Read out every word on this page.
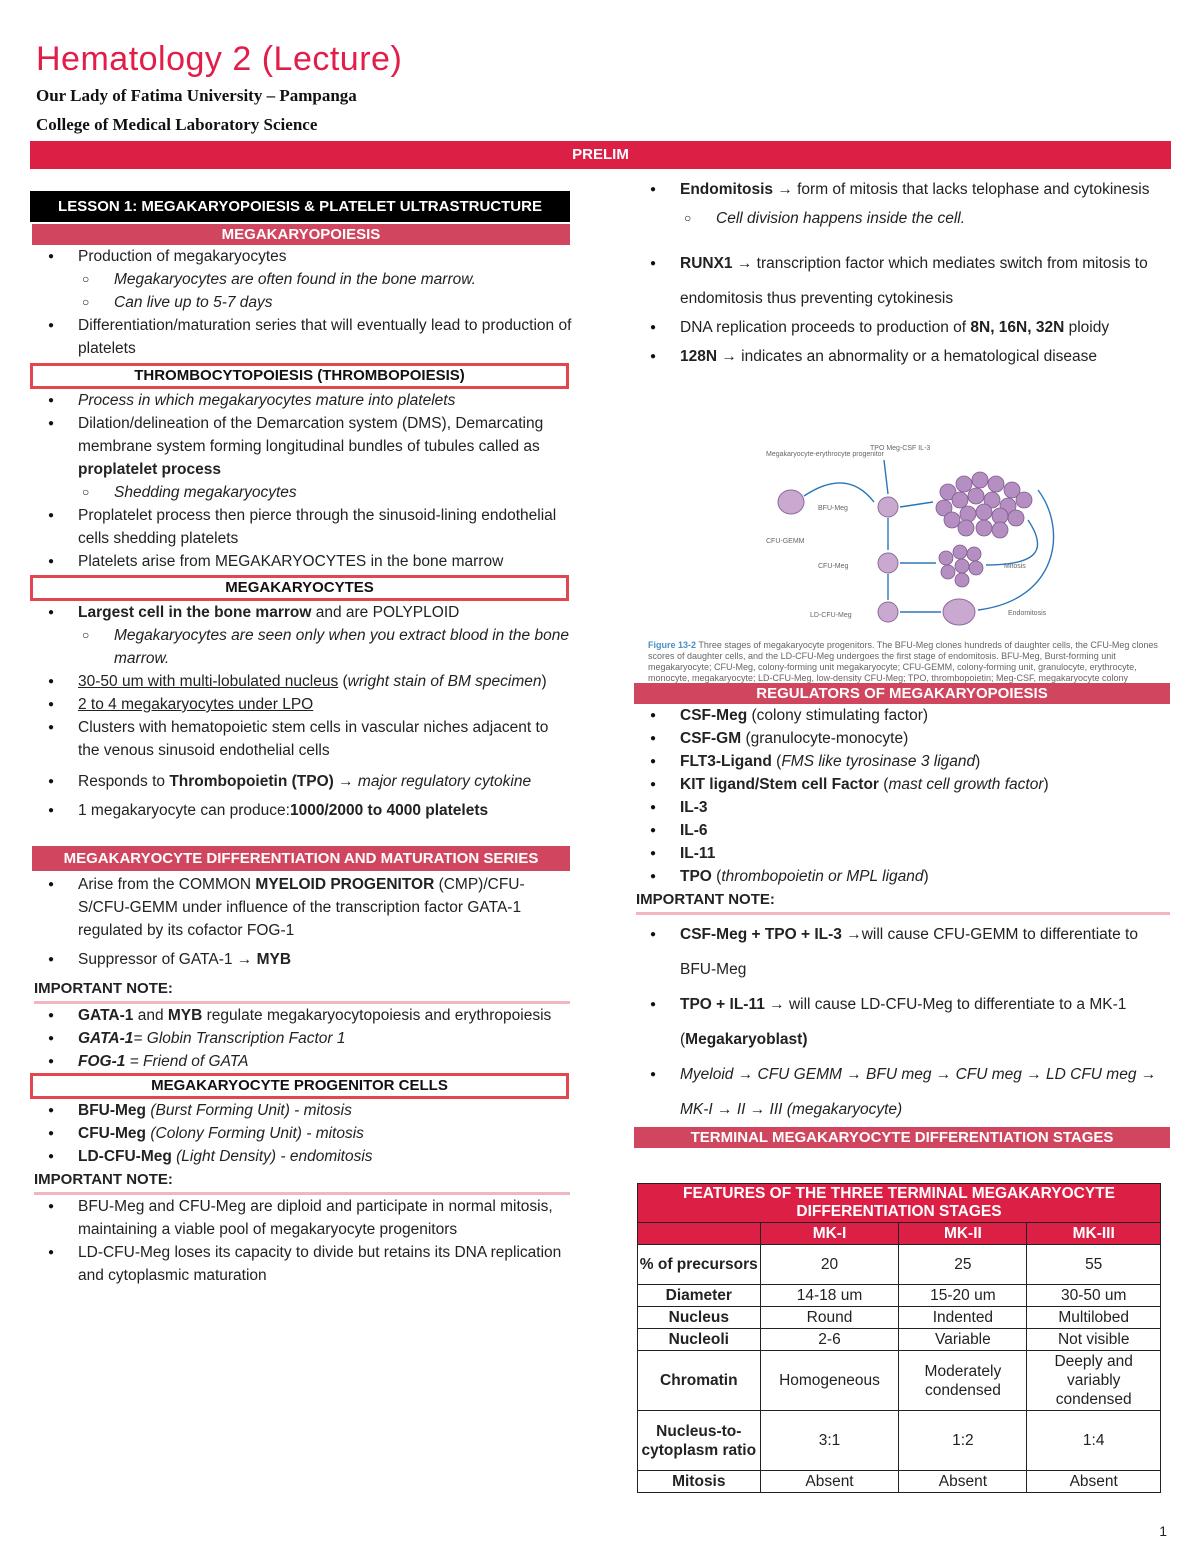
Hematology 2 (Lecture)
Our Lady of Fatima University – Pampanga
College of Medical Laboratory Science
PRELIM
LESSON 1: MEGAKARYOPOIESIS & PLATELET ULTRASTRUCTURE
MEGAKARYOPOIESIS
● Production of megakaryocytes
○ Megakaryocytes are often found in the bone marrow.
○ Can live up to 5-7 days
● Differentiation/maturation series that will eventually lead to production of platelets
THROMBOCYTOPOIESIS (THROMBOPOIESIS)
● Process in which megakaryocytes mature into platelets
● Dilation/delineation of the Demarcation system (DMS), Demarcating membrane system forming longitudinal bundles of tubules called as proplatelet process
○ Shedding megakaryocytes
● Proplatelet process then pierce through the sinusoid-lining endothelial cells shedding platelets
● Platelets arise from MEGAKARYOCYTES in the bone marrow
MEGAKARYOCYTES
● Largest cell in the bone marrow and are POLYPLOID
○ Megakaryocytes are seen only when you extract blood in the bone marrow.
● 30-50 um with multi-lobulated nucleus (wright stain of BM specimen)
● 2 to 4 megakaryocytes under LPO
● Clusters with hematopoietic stem cells in vascular niches adjacent to the venous sinusoid endothelial cells
● Responds to Thrombopoietin (TPO) → major regulatory cytokine
● 1 megakaryocyte can produce:1000/2000 to 4000 platelets
MEGAKARYOCYTE DIFFERENTIATION AND MATURATION SERIES
● Arise from the COMMON MYELOID PROGENITOR (CMP)/CFU-S/CFU-GEMM under influence of the transcription factor GATA-1 regulated by its cofactor FOG-1
● Suppressor of GATA-1 → MYB
IMPORTANT NOTE:
● GATA-1 and MYB regulate megakaryocytopoiesis and erythropoiesis
● GATA-1= Globin Transcription Factor 1
● FOG-1 = Friend of GATA
MEGAKARYOCYTE PROGENITOR CELLS
● BFU-Meg (Burst Forming Unit) - mitosis
● CFU-Meg (Colony Forming Unit) - mitosis
● LD-CFU-Meg (Light Density) - endomitosis
IMPORTANT NOTE:
● BFU-Meg and CFU-Meg are diploid and participate in normal mitosis, maintaining a viable pool of megakaryocyte progenitors
● LD-CFU-Meg loses its capacity to divide but retains its DNA replication and cytoplasmic maturation
● Endomitosis → form of mitosis that lacks telophase and cytokinesis
○ Cell division happens inside the cell.
● RUNX1 → transcription factor which mediates switch from mitosis to endomitosis thus preventing cytokinesis
● DNA replication proceeds to production of 8N, 16N, 32N ploidy
● 128N → indicates an abnormality or a hematological disease
Megakaryocyte-erythrocyte progenitor
TPO Meg-CSF IL-3
BFU-Meg
CFU-GEMM
CFU-Meg
LD-CFU-Meg
Mitosis
Endomitosis
Figure 13-2 Three stages of megakaryocyte progenitors. The BFU-Meg clones hundreds of daughter cells, the CFU-Meg clones scores of daughter cells, and the LD-CFU-Meg undergoes the first stage of endomitosis. BFU-Meg, Burst-forming unit megakaryocyte; CFU-Meg, colony-forming unit megakaryocyte; CFU-GEMM, colony-forming unit, granulocyte, erythrocyte, monocyte, megakaryocyte; LD-CFU-Meg, low-density CFU-Meg; TPO, thrombopoietin; Meg-CSF, megakaryocyte colony
REGULATORS OF MEGAKARYOPOIESIS
● CSF-Meg (colony stimulating factor)
● CSF-GM (granulocyte-monocyte)
● FLT3-Ligand (FMS like tyrosinase 3 ligand)
● KIT ligand/Stem cell Factor (mast cell growth factor)
● IL-3
● IL-6
● IL-11
● TPO (thrombopoietin or MPL ligand)
IMPORTANT NOTE:
● CSF-Meg + TPO + IL-3 →will cause CFU-GEMM to differentiate to BFU-Meg
● TPO + IL-11 → will cause LD-CFU-Meg to differentiate to a MK-1 (Megakaryoblast)
● Myeloid → CFU GEMM → BFU meg → CFU meg → LD CFU meg → MK-I → II → III (megakaryocyte)
TERMINAL MEGAKARYOCYTE DIFFERENTIATION STAGES
FEATURES OF THE THREE TERMINAL MEGAKARYOCYTE DIFFERENTIATION STAGES			
	MK-I	MK-II	MK-III
% of precursors	20	25	55
Diameter	14-18 um	15-20 um	30-50 um
Nucleus	Round	Indented	Multilobed
Nucleoli	2-6	Variable	Not visible
Chromatin	Homogeneous	Moderately condensed	Deeply and variably condensed
Nucleus-to-cytoplasm ratio	3:1	1:2	1:4
Mitosis	Absent	Absent	Absent
1
